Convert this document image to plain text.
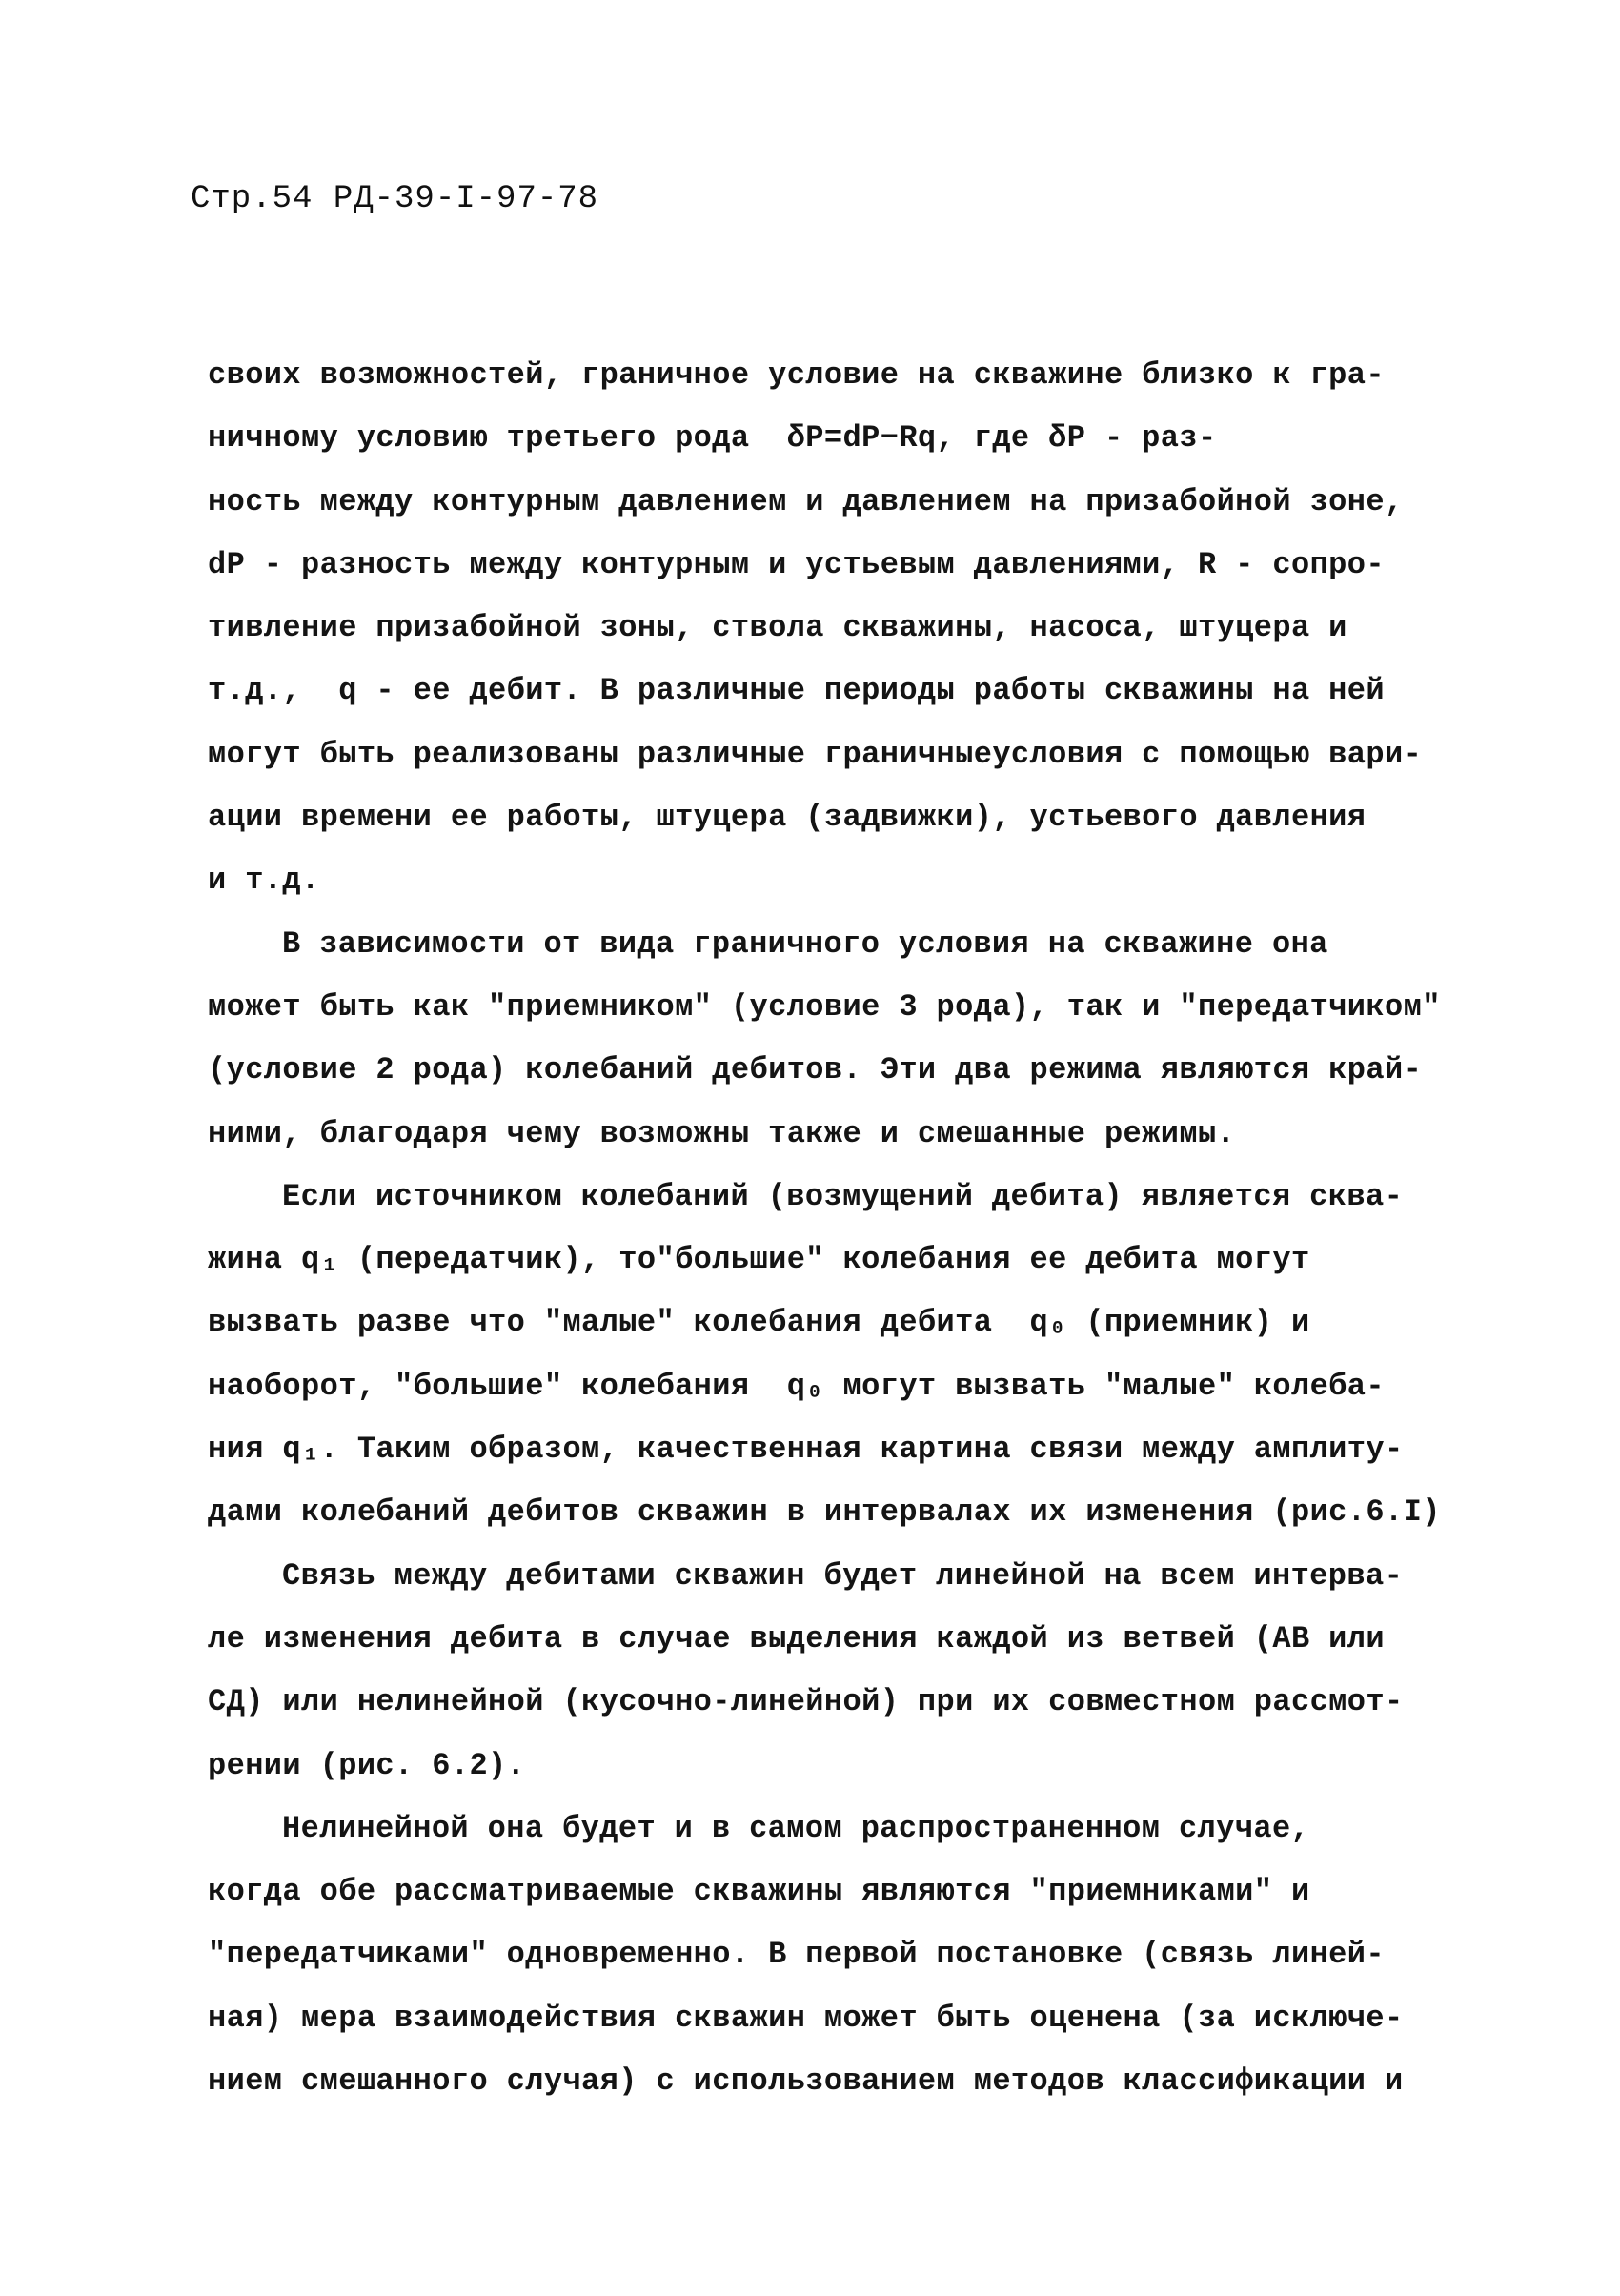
Стр.54 РД-39-I-97-78
своих возможностей, граничное условие на скважине близко к гра-
ничному условию третьего рода  δP=dP−Rq, где δP - раз-
ность между контурным давлением и давлением на призабойной зоне,
dP - разность между контурным и устьевым давлениями, R - сопро-
тивление призабойной зоны, ствола скважины, насоса, штуцера и
т.д.,  q - ее дебит. В различные периоды работы скважины на ней
могут быть реализованы различные граничныеусловия с помощью вари-
ации времени ее работы, штуцера (задвижки), устьевого давления
и т.д.
В зависимости от вида граничного условия на скважине она
может быть как "приемником" (условие 3 рода), так и "передатчиком"
(условие 2 рода) колебаний дебитов. Эти два режима являются край-
ними, благодаря чему возможны также и смешанные режимы.
Если источником колебаний (возмущений дебита) является сква-
жина q₁ (передатчик), то"большие" колебания ее дебита могут
вызвать разве что "малые" колебания дебита  q₀ (приемник) и
наоборот, "большие" колебания  q₀ могут вызвать "малые" колеба-
ния q₁. Таким образом, качественная картина связи между амплиту-
дами колебаний дебитов скважин в интервалах их изменения (рис.6.I)
Связь между дебитами скважин будет линейной на всем интерва-
ле изменения дебита в случае выделения каждой из ветвей (АВ или
СД) или нелинейной (кусочно-линейной) при их совместном рассмот-
рении (рис. 6.2).
Нелинейной она будет и в самом распространенном случае,
когда обе рассматриваемые скважины являются "приемниками" и
"передатчиками" одновременно. В первой постановке (связь линей-
ная) мера взаимодействия скважин может быть оценена (за исключе-
нием смешанного случая) с использованием методов классификации и
